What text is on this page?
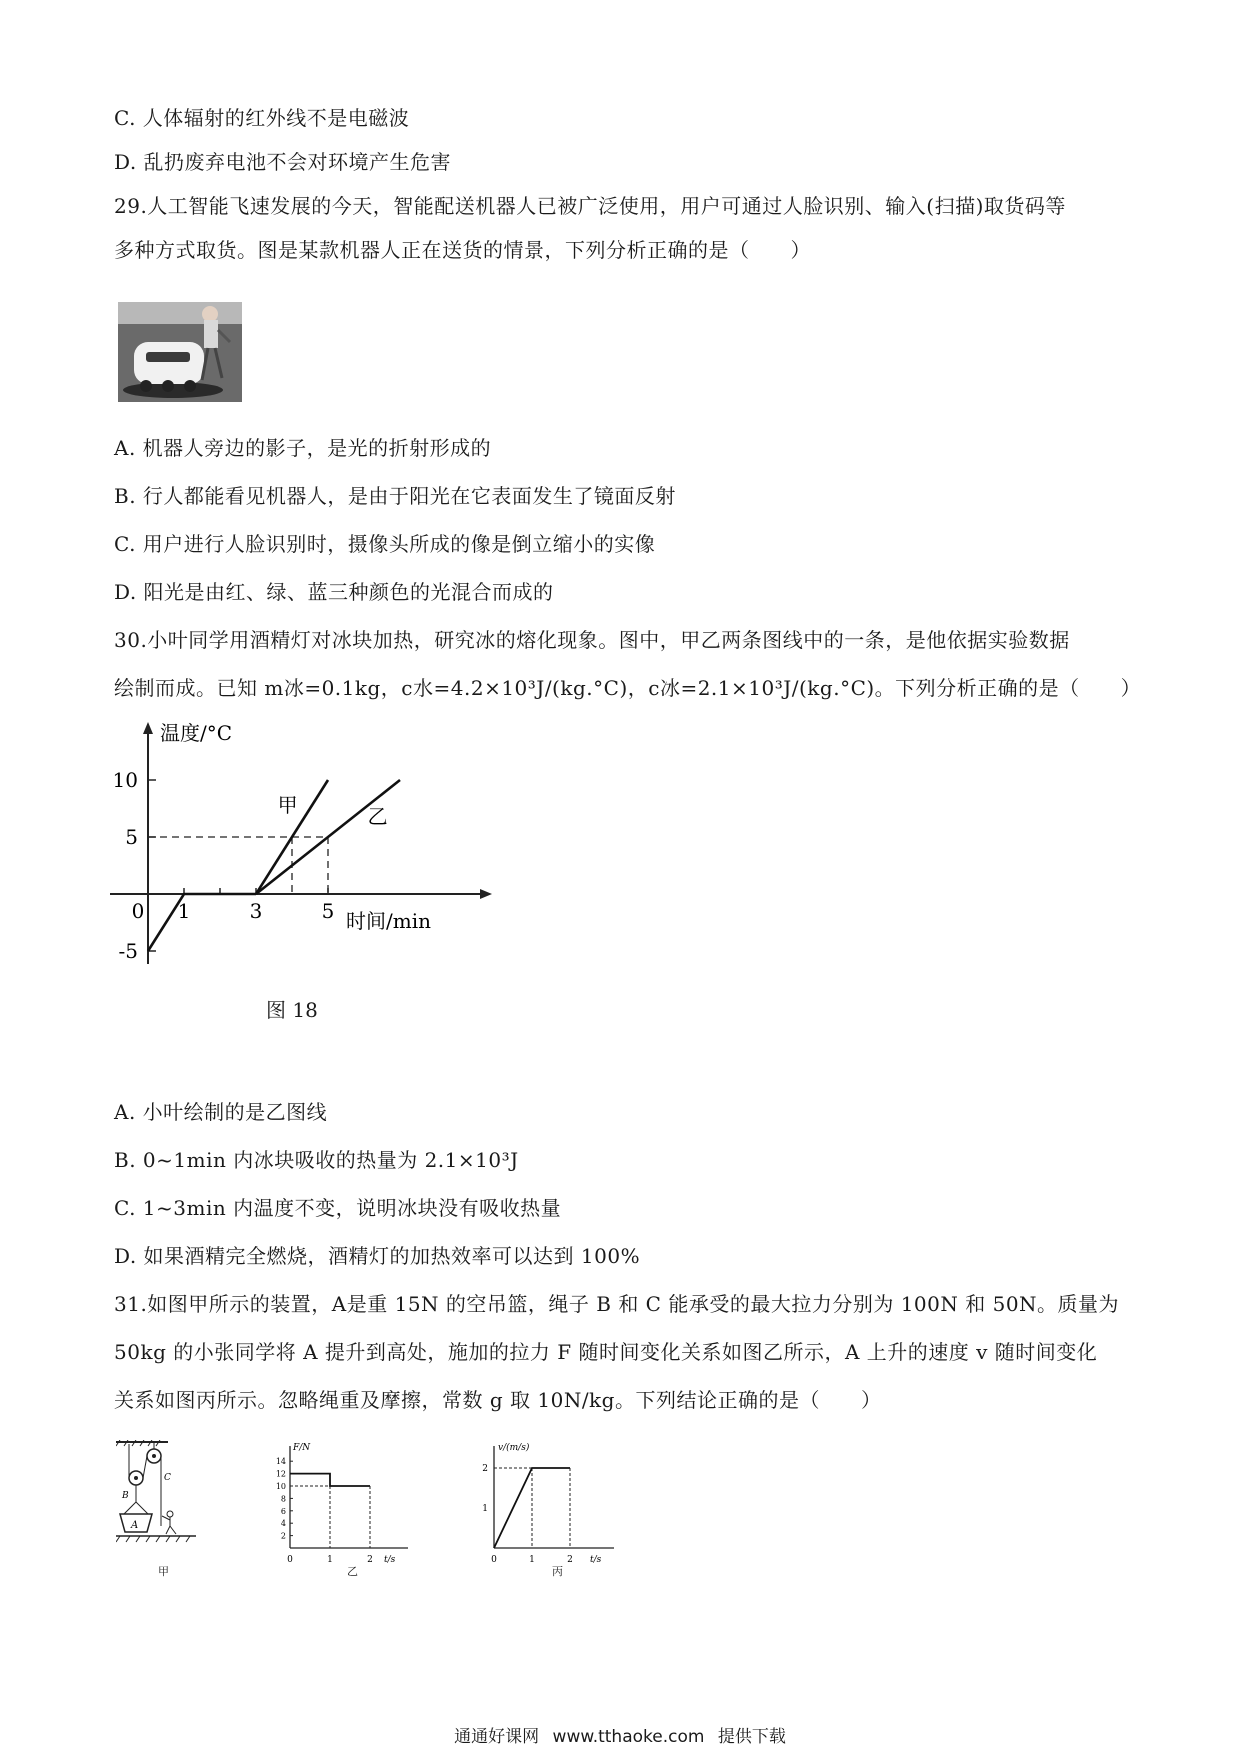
C. 人体辐射的红外线不是电磁波
D. 乱扔废弃电池不会对环境产生危害
29.人工智能飞速发展的今天，智能配送机器人已被广泛使用，用户可通过人脸识别、输入(扫描)取货码等
多种方式取货。图是某款机器人正在送货的情景，下列分析正确的是（　　）
A. 机器人旁边的影子，是光的折射形成的
B. 行人都能看见机器人，是由于阳光在它表面发生了镜面反射
C. 用户进行人脸识别时，摄像头所成的像是倒立缩小的实像
D. 阳光是由红、绿、蓝三种颜色的光混合而成的
30.小叶同学用酒精灯对冰块加热，研究冰的熔化现象。图中，甲乙两条图线中的一条，是他依据实验数据
绘制而成。已知 m冰=0.1kg，c水=4.2×10³J/(kg.°C)，c冰=2.1×10³J/(kg.°C)。下列分析正确的是（　　）
温度/°C
时间/min
-5
5
10
0 1	3	5
甲	乙
图 18
A. 小叶绘制的是乙图线
B. 0~1min 内冰块吸收的热量为 2.1×10³J
C. 1~3min 内温度不变，说明冰块没有吸收热量
D. 如果酒精完全燃烧，酒精灯的加热效率可以达到 100%
31.如图甲所示的装置，A是重 15N 的空吊篮，绳子 B 和 C 能承受的最大拉力分别为 100N 和 50N。质量为
50kg 的小张同学将 A 提升到高处，施加的拉力 F 随时间变化关系如图乙所示，A 上升的速度 v 随时间变化
关系如图丙所示。忽略绳重及摩擦，常数 g 取 10N/kg。下列结论正确的是（　　）
A
B
C
甲
F/N
t/s
2
4
6
8
10
12
14
0	1	2
乙
v/(m/s)
t/s
1
2
0	1	2
丙
通通好课网 www.tthaoke.com 提供下载
